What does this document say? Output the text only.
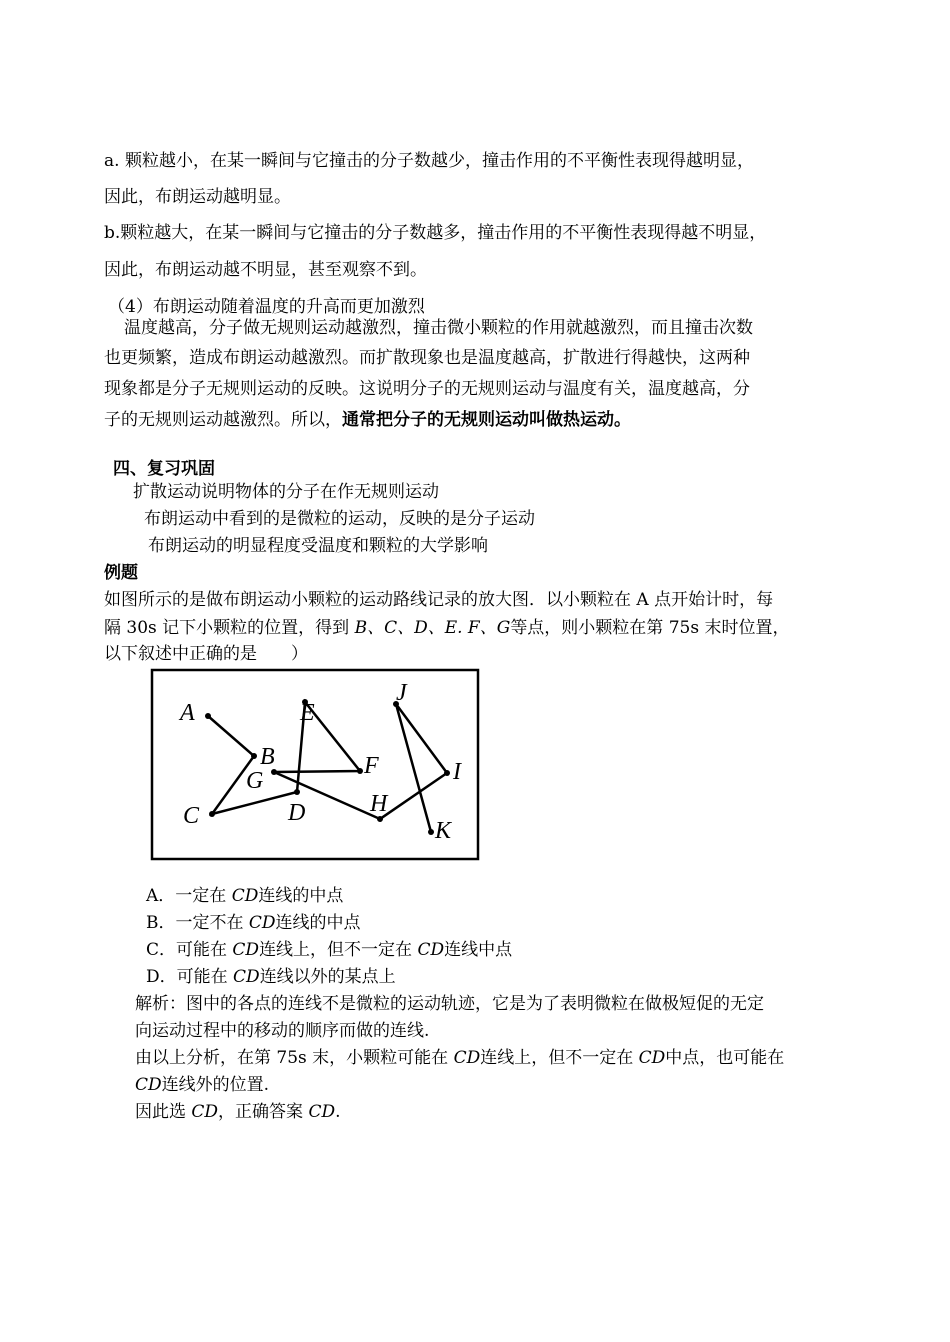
a. 颗粒越小，在某一瞬间与它撞击的分子数越少，撞击作用的不平衡性表现得越明显，
因此，布朗运动越明显。
b.颗粒越大，在某一瞬间与它撞击的分子数越多，撞击作用的不平衡性表现得越不明显，
因此，布朗运动越不明显，甚至观察不到。
（4）布朗运动随着温度的升高而更加激烈
温度越高，分子做无规则运动越激烈，撞击微小颗粒的作用就越激烈，而且撞击次数
也更频繁，造成布朗运动越激烈。而扩散现象也是温度越高，扩散进行得越快，这两种
现象都是分子无规则运动的反映。这说明分子的无规则运动与温度有关，温度越高，分
子的无规则运动越激烈。所以，通常把分子的无规则运动叫做热运动。
四、复习巩固
扩散运动说明物体的分子在作无规则运动
布朗运动中看到的是微粒的运动，反映的是分子运动
布朗运动的明显程度受温度和颗粒的大学影响
例题
如图所示的是做布朗运动小颗粒的运动路线记录的放大图．以小颗粒在 A 点开始计时，每
隔 30s 记下小颗粒的位置，得到 B、C、D、E. F、G等点，则小颗粒在第 75s 末时位置，
以下叙述中正确的是　　）
A
B
G
C	D
E
F
H
I
J
K
A．一定在 CD连线的中点
B．一定不在 CD连线的中点
C．可能在 CD连线上，但不一定在 CD连线中点
D．可能在 CD连线以外的某点上
解析：图中的各点的连线不是微粒的运动轨迹，它是为了表明微粒在做极短促的无定
向运动过程中的移动的顺序而做的连线.
由以上分析，在第 75s 末，小颗粒可能在 CD连线上，但不一定在 CD中点，也可能在
CD连线外的位置.
因此选 CD，正确答案 CD.
